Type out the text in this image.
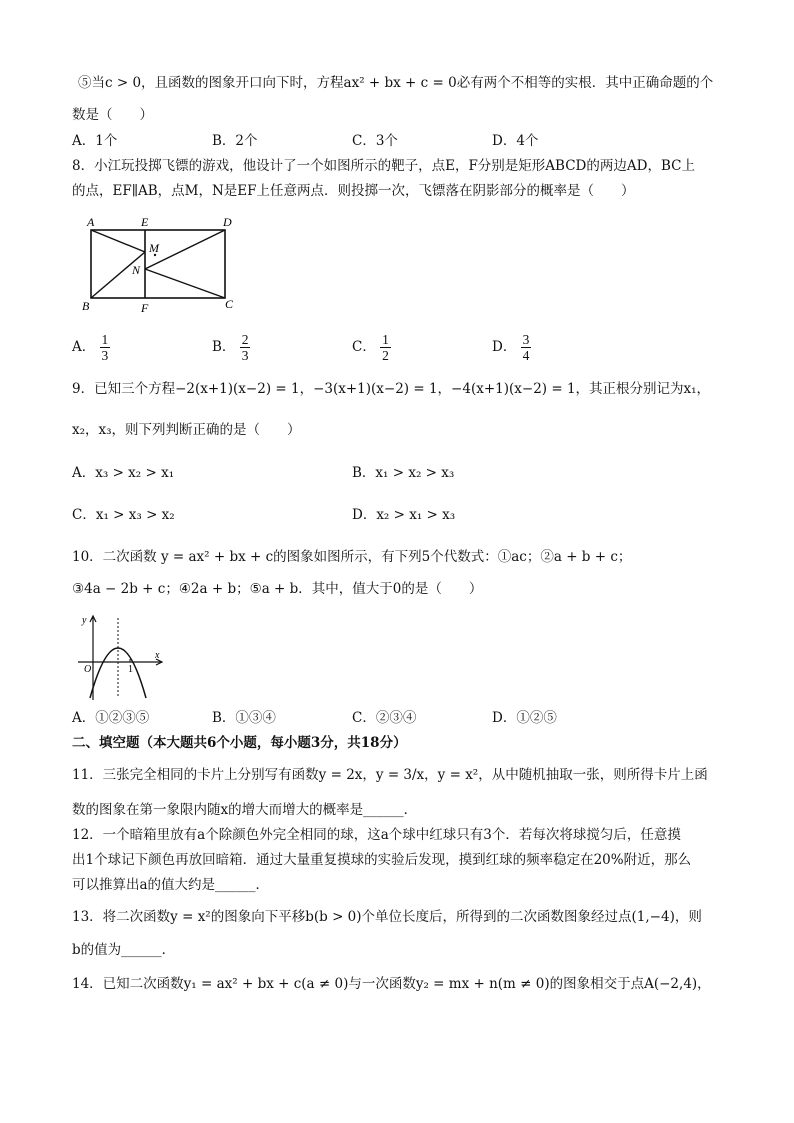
⑤当c > 0，且函数的图象开口向下时，方程ax² + bx + c = 0必有两个不相等的实根．其中正确命题的个
数是（　　）
A．1个	B．2个	C．3个	D．4个
8．小江玩投掷飞镖的游戏，他设计了一个如图所示的靶子，点E，F分别是矩形ABCD的两边AD，BC上
的点，EF∥AB，点M，N是EF上任意两点．则投掷一次，飞镖落在阴影部分的概率是（　　）
A	E	D
M
N
B	F	C
A． $\frac{1}{3}$	B． $\frac{2}{3}$	C． $\frac{1}{2}$	D． $\frac{3}{4}$
9．已知三个方程−2(x+1)(x−2) = 1，−3(x+1)(x−2) = 1，−4(x+1)(x−2) = 1，其正根分别记为x₁，
x₂，x₃，则下列判断正确的是（　　）
A．x₃ > x₂ > x₁	B．x₁ > x₂ > x₃
C．x₁ > x₃ > x₂	D．x₂ > x₁ > x₃
10．二次函数 y = ax² + bx + c的图象如图所示，有下列5个代数式：①ac；②a + b + c；
③4a − 2b + c；④2a + b；⑤a + b．其中，值大于0的是（　　）
y
O	1
x
A．①②③⑤	B．①③④	C．②③④	D．①②⑤
二、填空题（本大题共6个小题，每小题3分，共18分）
11．三张完全相同的卡片上分别写有函数y = 2x，y = 3/x，y = x²，从中随机抽取一张，则所得卡片上函
数的图象在第一象限内随x的增大而增大的概率是______．
12．一个暗箱里放有a个除颜色外完全相同的球，这a个球中红球只有3个．若每次将球搅匀后，任意摸
出1个球记下颜色再放回暗箱．通过大量重复摸球的实验后发现，摸到红球的频率稳定在20%附近，那么
可以推算出a的值大约是______．
13．将二次函数y = x²的图象向下平移b(b > 0)个单位长度后，所得到的二次函数图象经过点(1,−4)，则
b的值为______．
14．已知二次函数y₁ = ax² + bx + c(a ≠ 0)与一次函数y₂ = mx + n(m ≠ 0)的图象相交于点A(−2,4)，
